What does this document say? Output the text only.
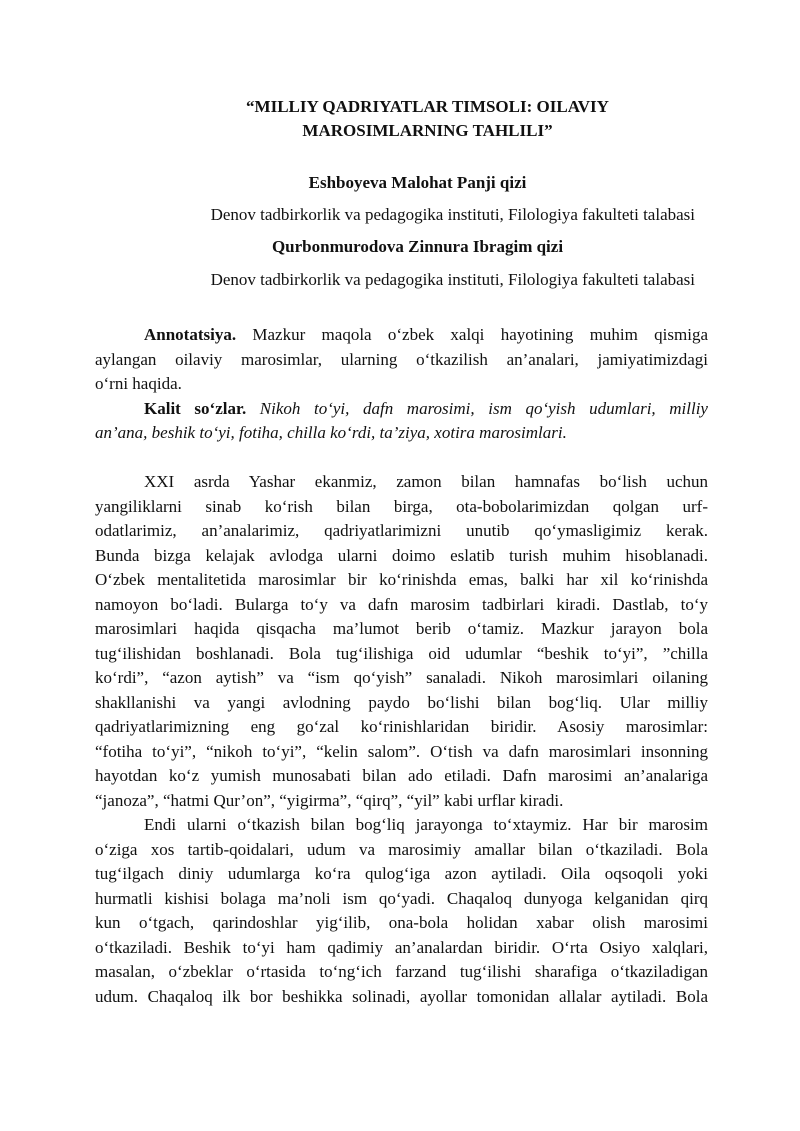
“MILLIY QADRIYATLAR TIMSOLI: OILAVIY
MAROSIMLARNING TAHLILI”
Eshboyeva Malohat Panji qizi
Denov tadbirkorlik va pedagogika instituti, Filologiya fakulteti talabasi
Qurbonmurodova Zinnura Ibragim qizi
Denov tadbirkorlik va pedagogika instituti, Filologiya fakulteti talabasi
Annotatsiya. Mazkur maqola o‘zbek xalqi hayotining muhim qismiga
aylangan oilaviy marosimlar, ularning o‘tkazilish an’analari, jamiyatimizdagi
o‘rni haqida.
Kalit so‘zlar. Nikoh to‘yi, dafn marosimi, ism qo‘yish udumlari, milliy
an’ana, beshik to‘yi, fotiha, chilla ko‘rdi, ta’ziya, xotira marosimlari.
XXI asrda Yashar ekanmiz, zamon bilan hamnafas bo‘lish uchun
yangiliklarni sinab ko‘rish bilan birga, ota-bobolarimizdan qolgan urf-
odatlarimiz, an’analarimiz, qadriyatlarimizni unutib qo‘ymasligimiz kerak.
Bunda bizga kelajak avlodga ularni doimo eslatib turish muhim hisoblanadi.
O‘zbek mentalitetida marosimlar bir ko‘rinishda emas, balki har xil ko‘rinishda
namoyon bo‘ladi. Bularga to‘y va dafn marosim tadbirlari kiradi. Dastlab, to‘y
marosimlari haqida qisqacha ma’lumot berib o‘tamiz. Mazkur jarayon bola
tug‘ilishidan boshlanadi. Bola tug‘ilishiga oid udumlar “beshik to‘yi”, ”chilla
ko‘rdi”, “azon aytish” va “ism qo‘yish” sanaladi. Nikoh marosimlari oilaning
shakllanishi va yangi avlodning paydo bo‘lishi bilan bog‘liq. Ular milliy
qadriyatlarimizning eng go‘zal ko‘rinishlaridan biridir. Asosiy marosimlar:
“fotiha to‘yi”, “nikoh to‘yi”, “kelin salom”. O‘tish va dafn marosimlari insonning
hayotdan ko‘z yumish munosabati bilan ado etiladi. Dafn marosimi an’analariga
“janoza”, “hatmi Qur’on”, “yigirma”, “qirq”, “yil” kabi urflar kiradi.
Endi ularni o‘tkazish bilan bog‘liq jarayonga to‘xtaymiz. Har bir marosim
o‘ziga xos tartib-qoidalari, udum va marosimiy amallar bilan o‘tkaziladi. Bola
tug‘ilgach diniy udumlarga ko‘ra qulog‘iga azon aytiladi. Oila oqsoqoli yoki
hurmatli kishisi bolaga ma’noli ism qo‘yadi. Chaqaloq dunyoga kelganidan qirq
kun o‘tgach, qarindoshlar yig‘ilib, ona-bola holidan xabar olish marosimi
o‘tkaziladi. Beshik to‘yi ham qadimiy an’analardan biridir. O‘rta Osiyo xalqlari,
masalan, o‘zbeklar o‘rtasida to‘ng‘ich farzand tug‘ilishi sharafiga o‘tkaziladigan
udum. Chaqaloq ilk bor beshikka solinadi, ayollar tomonidan allalar aytiladi. Bola
